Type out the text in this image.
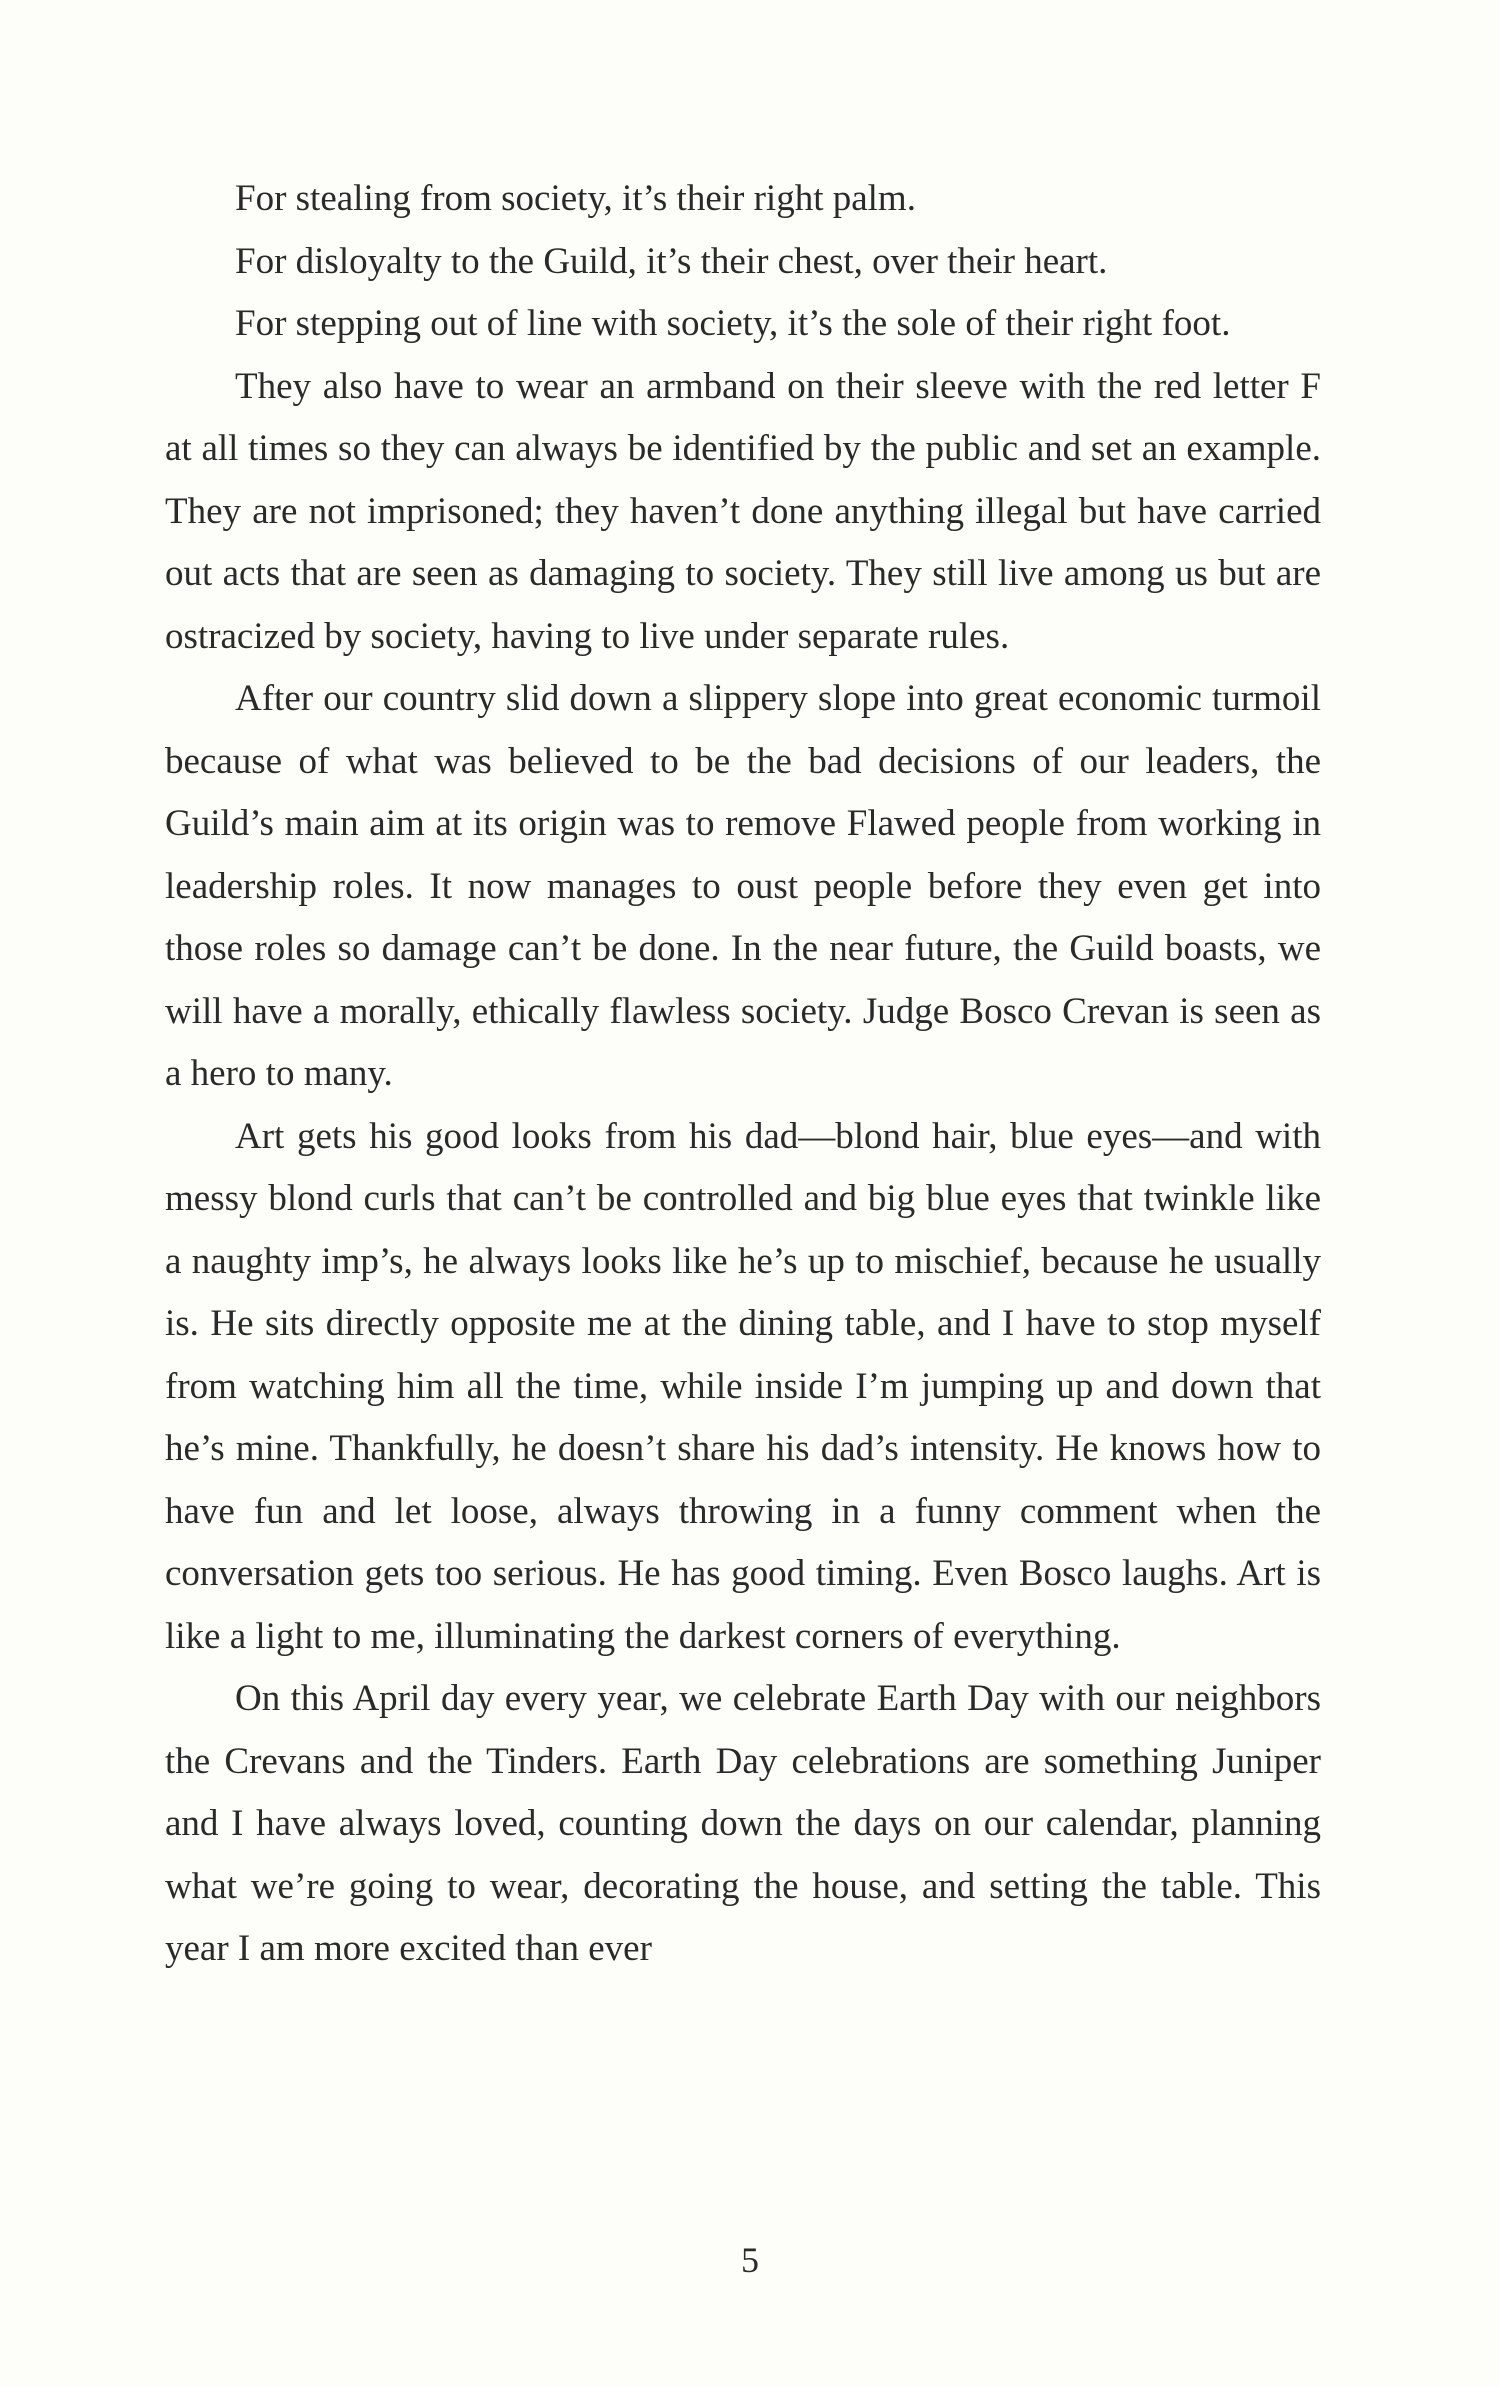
For stealing from society, it’s their right palm.

For disloyalty to the Guild, it’s their chest, over their heart.

For stepping out of line with society, it’s the sole of their right foot.

They also have to wear an armband on their sleeve with the red letter F at all times so they can always be identified by the public and set an example. They are not imprisoned; they haven’t done anything illegal but have carried out acts that are seen as damaging to society. They still live among us but are ostracized by society, having to live under separate rules.

After our country slid down a slippery slope into great economic turmoil because of what was believed to be the bad decisions of our leaders, the Guild’s main aim at its origin was to remove Flawed people from working in leadership roles. It now manages to oust people before they even get into those roles so damage can’t be done. In the near future, the Guild boasts, we will have a morally, ethically flawless society. Judge Bosco Crevan is seen as a hero to many.

Art gets his good looks from his dad—blond hair, blue eyes—and with messy blond curls that can’t be controlled and big blue eyes that twinkle like a naughty imp’s, he always looks like he’s up to mischief, because he usually is. He sits directly opposite me at the dining table, and I have to stop myself from watching him all the time, while inside I’m jumping up and down that he’s mine. Thankfully, he doesn’t share his dad’s intensity. He knows how to have fun and let loose, always throwing in a funny comment when the conversation gets too serious. He has good timing. Even Bosco laughs. Art is like a light to me, illuminating the darkest corners of everything.

On this April day every year, we celebrate Earth Day with our neighbors the Crevans and the Tinders. Earth Day celebrations are something Juniper and I have always loved, counting down the days on our calendar, planning what we’re going to wear, decorating the house, and setting the table. This year I am more excited than ever

5
